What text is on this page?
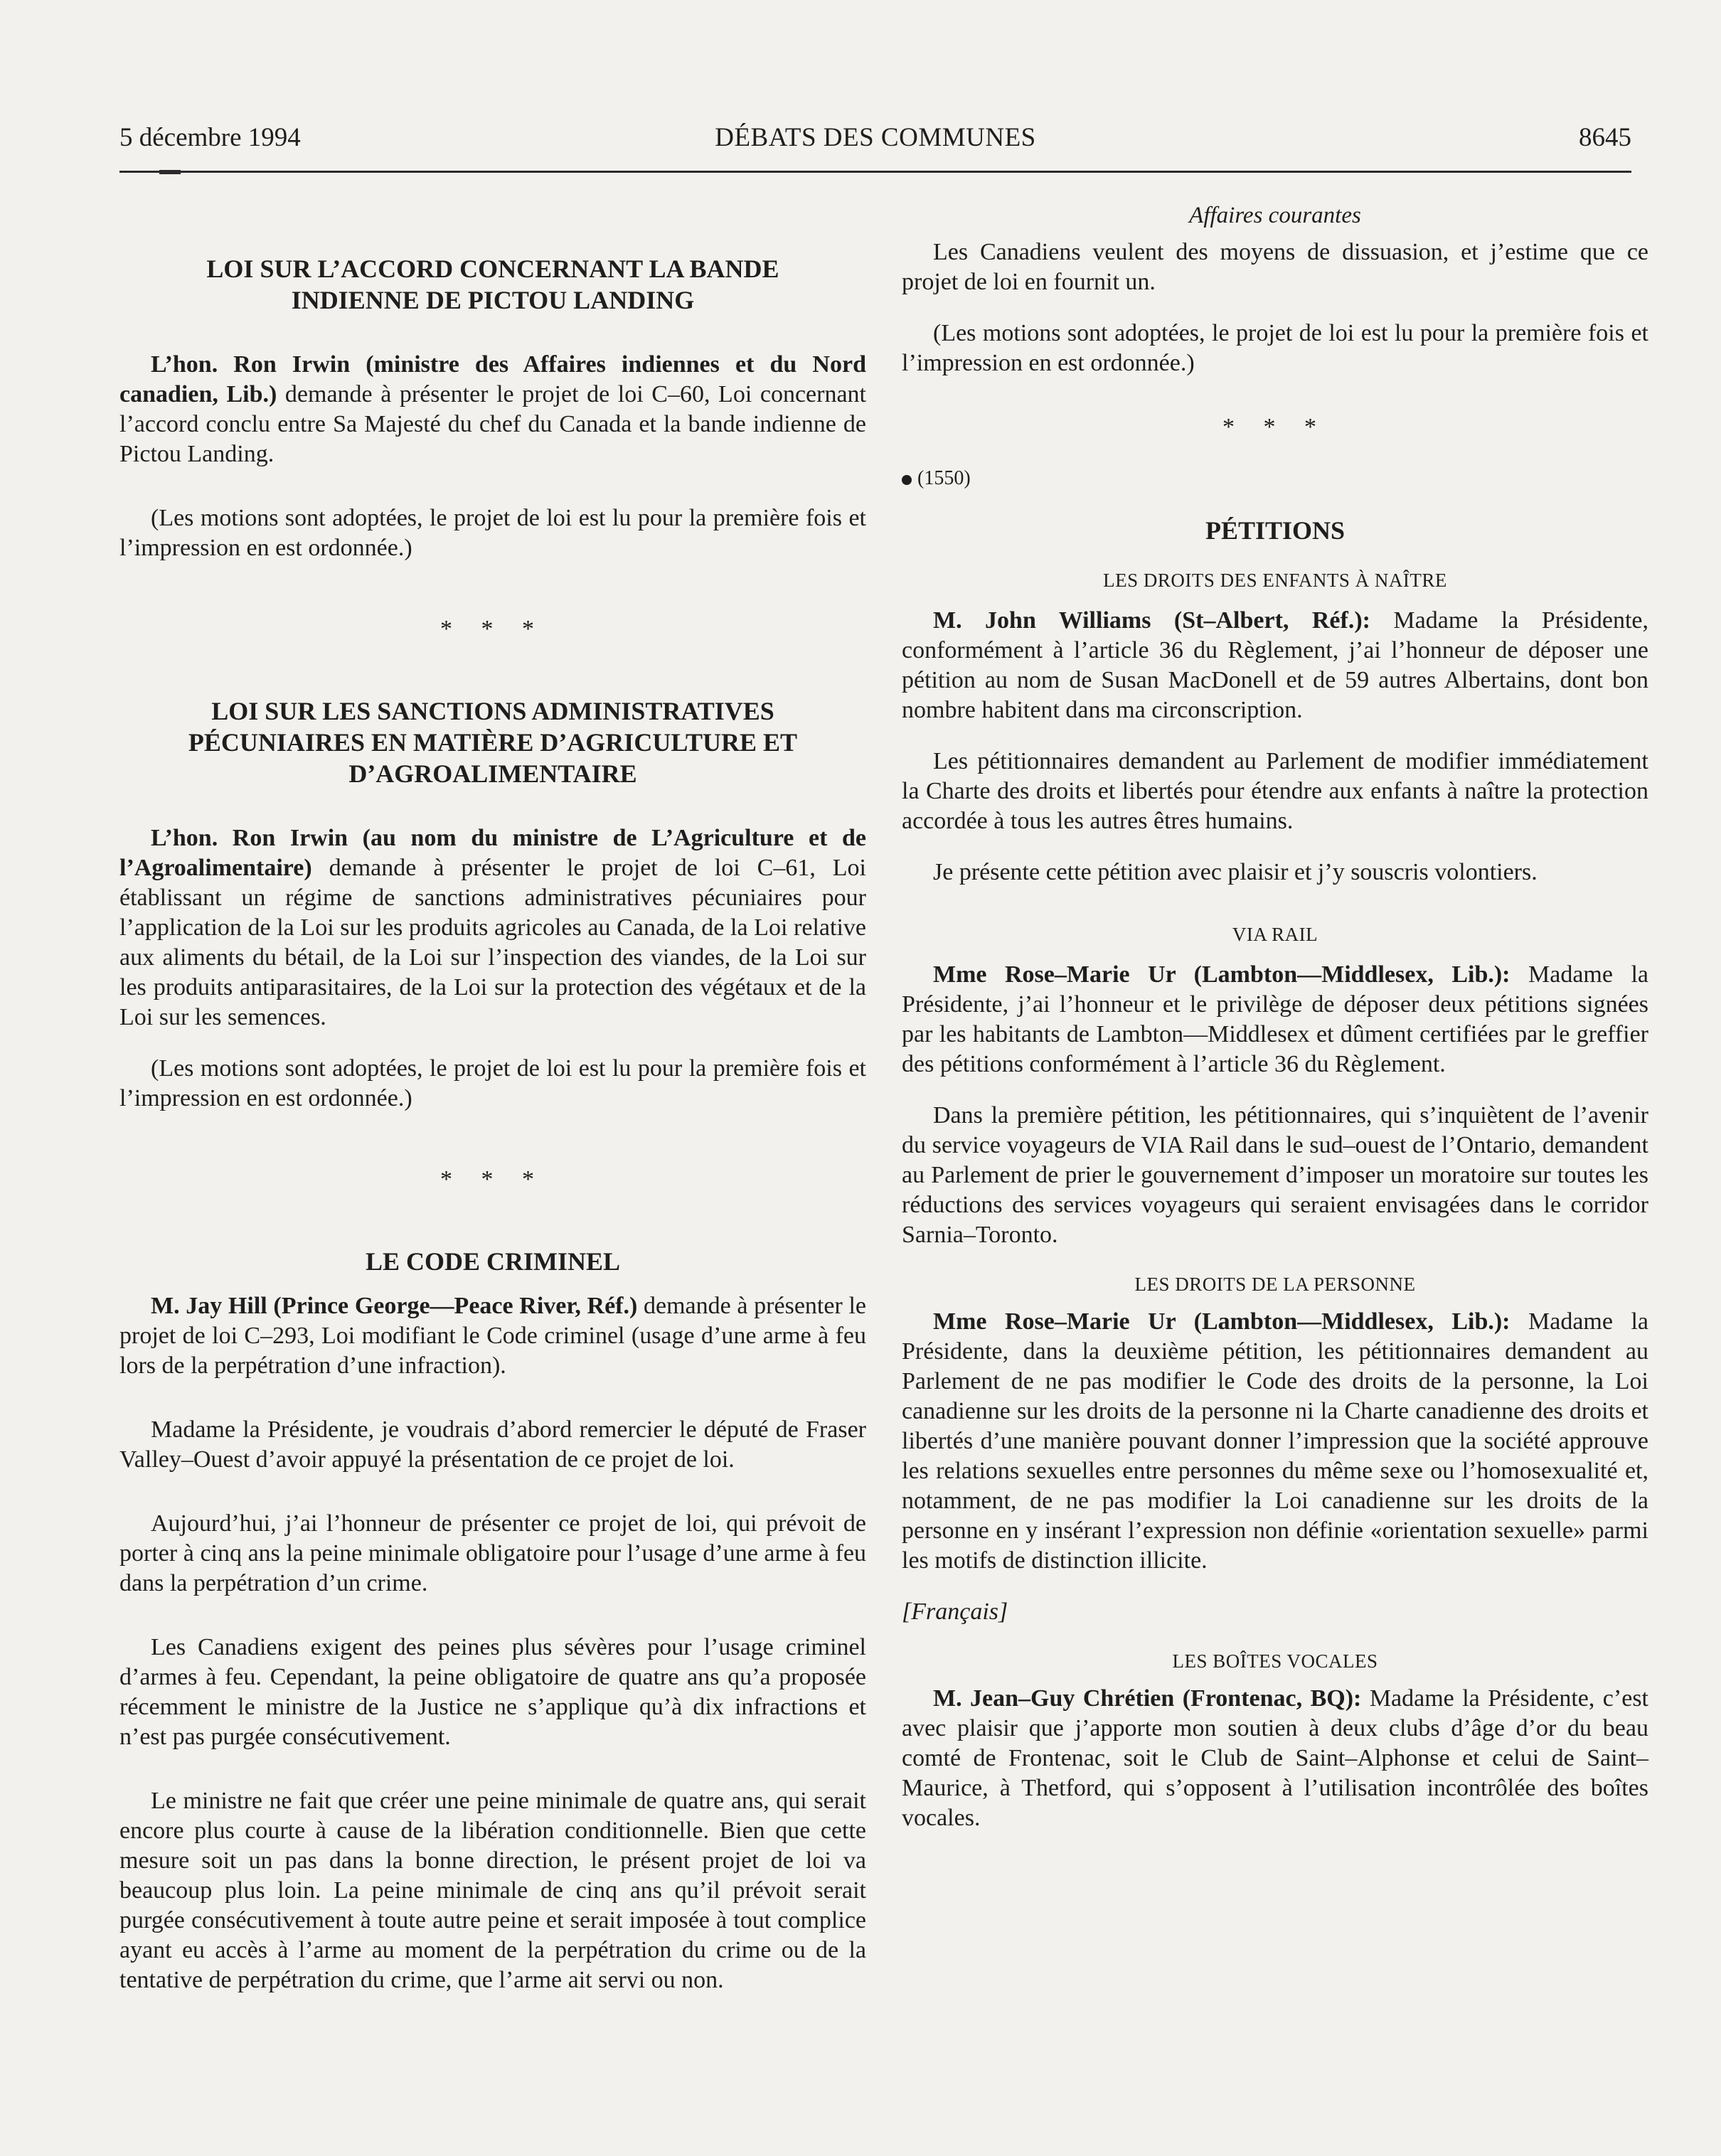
5 décembre 1994	DÉBATS DES COMMUNES	8645
LOI SUR L’ACCORD CONCERNANT LA BANDE
INDIENNE DE PICTOU LANDING

L’hon. Ron Irwin (ministre des Affaires indiennes et du Nord canadien, Lib.) demande à présenter le projet de loi C–60, Loi concernant l’accord conclu entre Sa Majesté du chef du Canada et la bande indienne de Pictou Landing.

(Les motions sont adoptées, le projet de loi est lu pour la première fois et l’impression en est ordonnée.)

* * *
LOI SUR LES SANCTIONS ADMINISTRATIVES
PÉCUNIAIRES EN MATIÈRE D’AGRICULTURE ET
D’AGROALIMENTAIRE

L’hon. Ron Irwin (au nom du ministre de L’Agriculture et de l’Agroalimentaire) demande à présenter le projet de loi C–61, Loi établissant un régime de sanctions administratives pécuniaires pour l’application de la Loi sur les produits agricoles au Canada, de la Loi relative aux aliments du bétail, de la Loi sur l’inspection des viandes, de la Loi sur les produits antiparasitaires, de la Loi sur la protection des végétaux et de la Loi sur les semences.

(Les motions sont adoptées, le projet de loi est lu pour la première fois et l’impression en est ordonnée.)

* * *
LE CODE CRIMINEL

M. Jay Hill (Prince George—Peace River, Réf.) demande à présenter le projet de loi C–293, Loi modifiant le Code criminel (usage d’une arme à feu lors de la perpétration d’une infraction).

Madame la Présidente, je voudrais d’abord remercier le député de Fraser Valley–Ouest d’avoir appuyé la présentation de ce projet de loi.

Aujourd’hui, j’ai l’honneur de présenter ce projet de loi, qui prévoit de porter à cinq ans la peine minimale obligatoire pour l’usage d’une arme à feu dans la perpétration d’un crime.

Les Canadiens exigent des peines plus sévères pour l’usage criminel d’armes à feu. Cependant, la peine obligatoire de quatre ans qu’a proposée récemment le ministre de la Justice ne s’applique qu’à dix infractions et n’est pas purgée consécutivement.

Le ministre ne fait que créer une peine minimale de quatre ans, qui serait encore plus courte à cause de la libération conditionnelle. Bien que cette mesure soit un pas dans la bonne direction, le présent projet de loi va beaucoup plus loin. La peine minimale de cinq ans qu’il prévoit serait purgée consécutivement à toute autre peine et serait imposée à tout complice ayant eu accès à l’arme au moment de la perpétration du crime ou de la tentative de perpétration du crime, que l’arme ait servi ou non.

Affaires courantes

Les Canadiens veulent des moyens de dissuasion, et j’estime que ce projet de loi en fournit un.

(Les motions sont adoptées, le projet de loi est lu pour la première fois et l’impression en est ordonnée.)

* * *
(1550)
PÉTITIONS
LES DROITS DES ENFANTS À NAÎTRE

M. John Williams (St–Albert, Réf.): Madame la Présidente, conformément à l’article 36 du Règlement, j’ai l’honneur de déposer une pétition au nom de Susan MacDonell et de 59 autres Albertains, dont bon nombre habitent dans ma circonscription.

Les pétitionnaires demandent au Parlement de modifier immédiatement la Charte des droits et libertés pour étendre aux enfants à naître la protection accordée à tous les autres êtres humains.

Je présente cette pétition avec plaisir et j’y souscris volontiers.

VIA RAIL

Mme Rose–Marie Ur (Lambton—Middlesex, Lib.): Madame la Présidente, j’ai l’honneur et le privilège de déposer deux pétitions signées par les habitants de Lambton—Middlesex et dûment certifiées par le greffier des pétitions conformément à l’article 36 du Règlement.

Dans la première pétition, les pétitionnaires, qui s’inquiètent de l’avenir du service voyageurs de VIA Rail dans le sud–ouest de l’Ontario, demandent au Parlement de prier le gouvernement d’imposer un moratoire sur toutes les réductions des services voyageurs qui seraient envisagées dans le corridor Sarnia–Toronto.

LES DROITS DE LA PERSONNE

Mme Rose–Marie Ur (Lambton—Middlesex, Lib.): Madame la Présidente, dans la deuxième pétition, les pétitionnaires demandent au Parlement de ne pas modifier le Code des droits de la personne, la Loi canadienne sur les droits de la personne ni la Charte canadienne des droits et libertés d’une manière pouvant donner l’impression que la société approuve les relations sexuelles entre personnes du même sexe ou l’homosexualité et, notamment, de ne pas modifier la Loi canadienne sur les droits de la personne en y insérant l’expression non définie «orientation sexuelle» parmi les motifs de distinction illicite.

[Français]

LES BOÎTES VOCALES

M. Jean–Guy Chrétien (Frontenac, BQ): Madame la Présidente, c’est avec plaisir que j’apporte mon soutien à deux clubs d’âge d’or du beau comté de Frontenac, soit le Club de Saint–Alphonse et celui de Saint–Maurice, à Thetford, qui s’opposent à l’utilisation incontrôlée des boîtes vocales.
